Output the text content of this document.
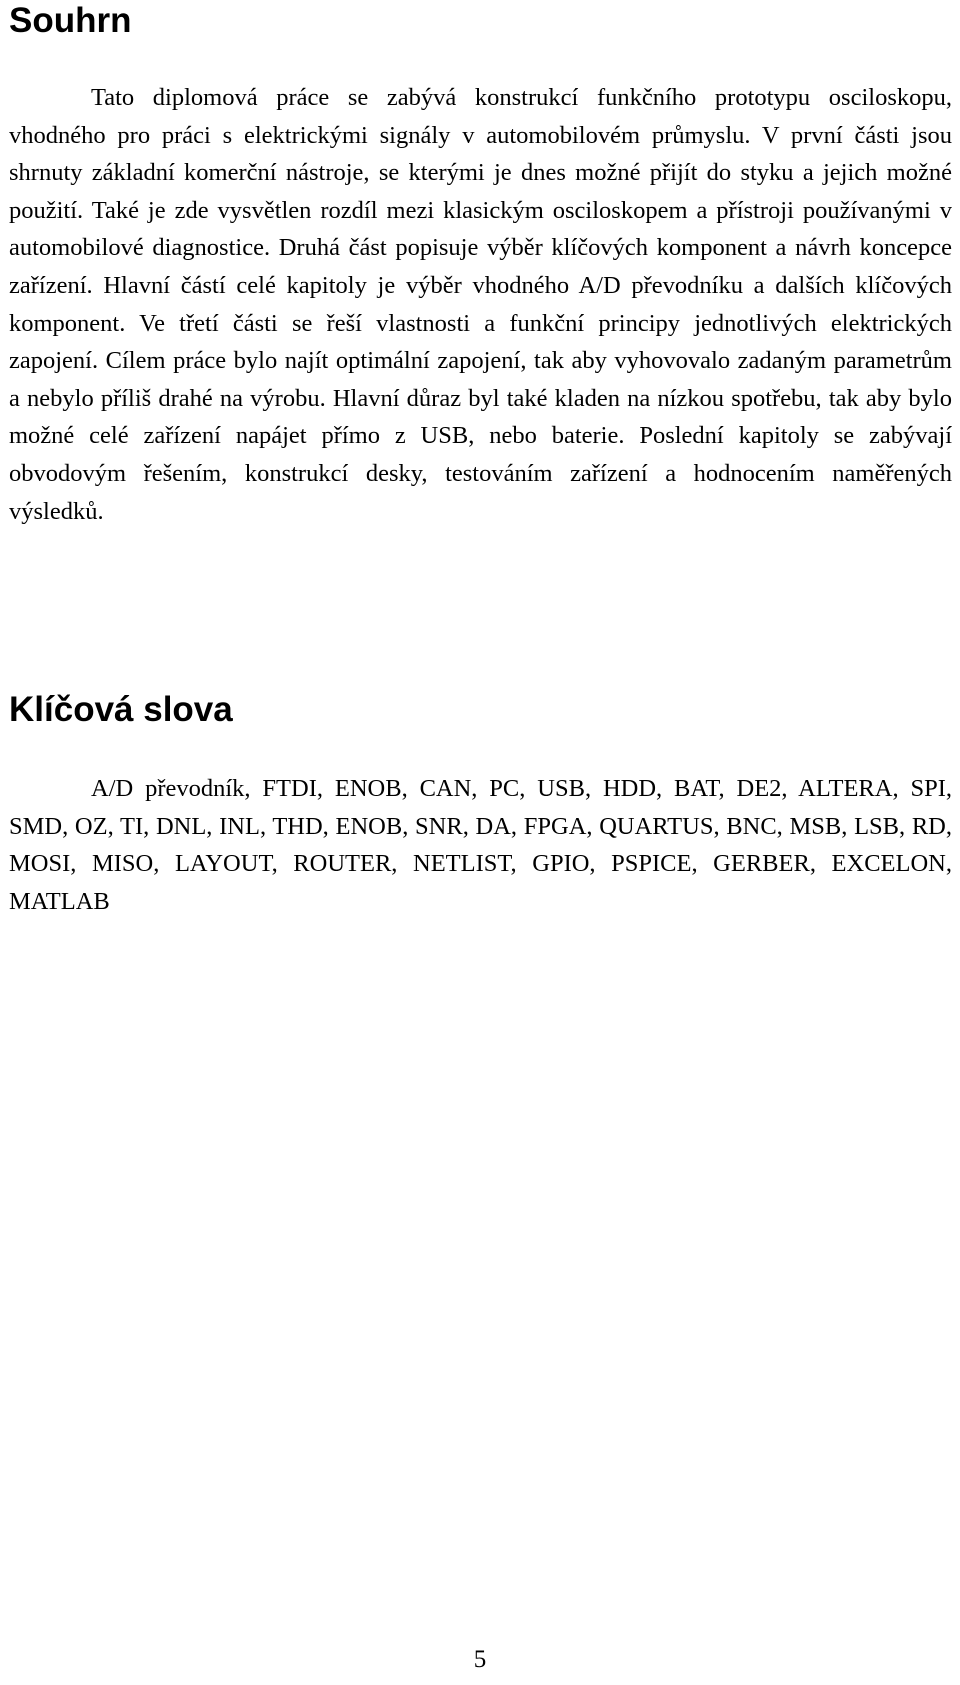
Souhrn

Tato diplomová práce se zabývá konstrukcí funkčního prototypu osciloskopu, vhodného pro práci s elektrickými signály v automobilovém průmyslu. V první části jsou shrnuty základní komerční nástroje, se kterými je dnes možné přijít do styku a jejich možné použití. Také je zde vysvětlen rozdíl mezi klasickým osciloskopem a přístroji používanými v automobilové diagnostice. Druhá část popisuje výběr klíčových komponent a návrh koncepce zařízení. Hlavní částí celé kapitoly je výběr vhodného A/D převodníku a dalších klíčových komponent. Ve třetí části se řeší vlastnosti a funkční principy jednotlivých elektrických zapojení. Cílem práce bylo najít optimální zapojení, tak aby vyhovovalo zadaným parametrům a nebylo příliš drahé na výrobu. Hlavní důraz byl také kladen na nízkou spotřebu, tak aby bylo možné celé zařízení napájet přímo z USB, nebo baterie. Poslední kapitoly se zabývají obvodovým řešením, konstrukcí desky, testováním zařízení a hodnocením naměřených výsledků.

Klíčová slova

A/D převodník, FTDI, ENOB, CAN, PC, USB, HDD, BAT, DE2, ALTERA, SPI, SMD, OZ, TI, DNL, INL, THD, ENOB, SNR, DA, FPGA, QUARTUS, BNC, MSB, LSB, RD, MOSI, MISO, LAYOUT, ROUTER, NETLIST, GPIO, PSPICE, GERBER, EXCELON, MATLAB

5
